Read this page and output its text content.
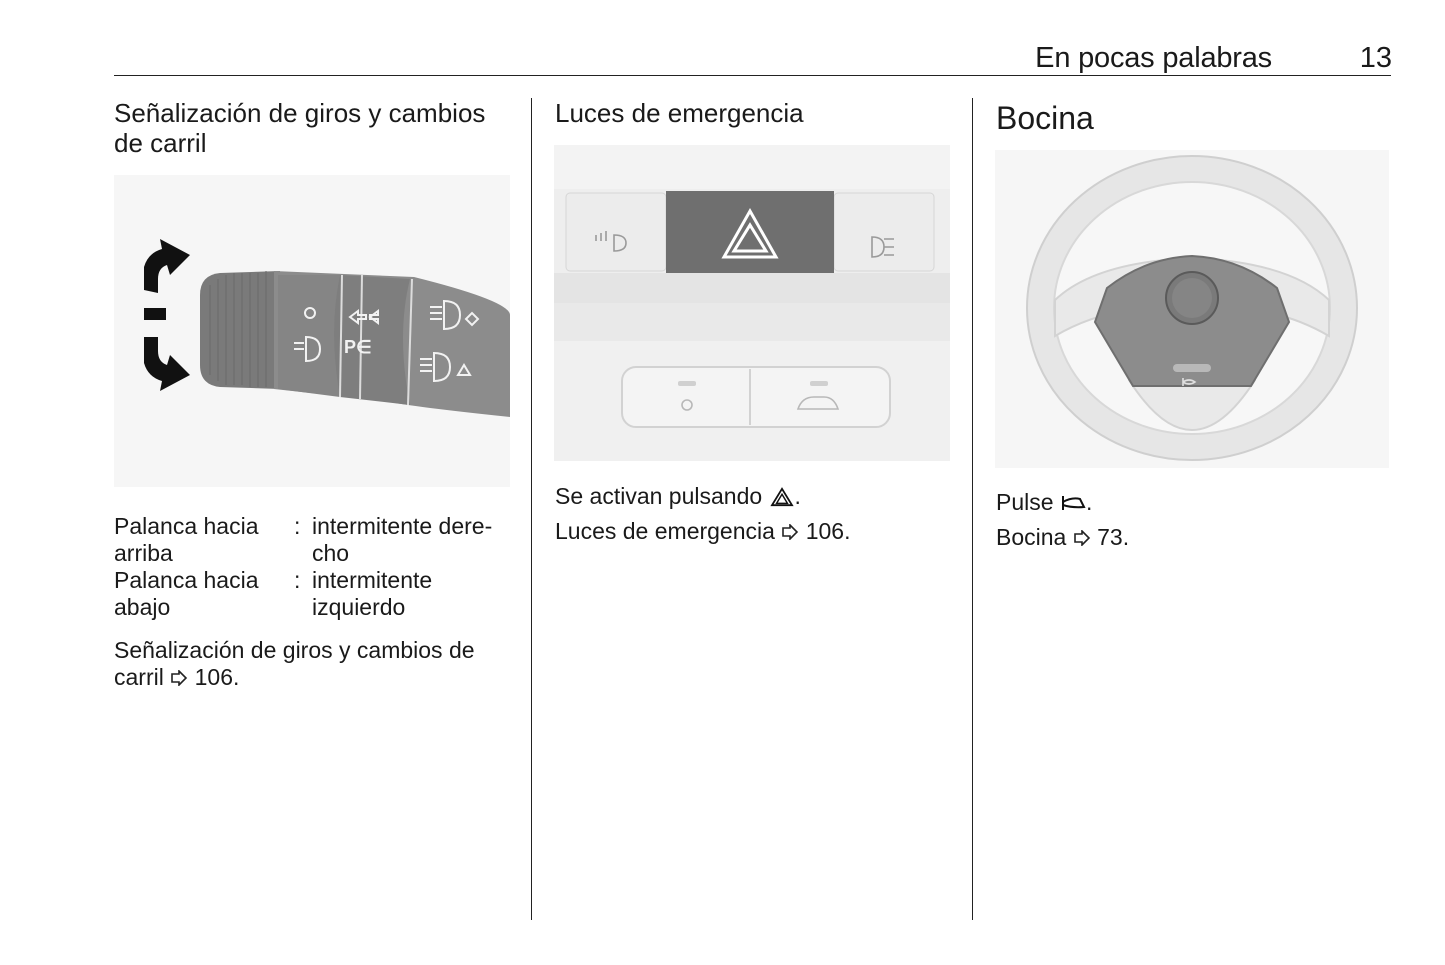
En pocas palabras	13
Señalización de giros y cambios de carril
P∈
Palanca hacia arriba
: intermitente dere-cho
Palanca hacia abajo
: intermitente izquierdo
Señalización de giros y cambios de carril 106.
Luces de emergencia
Se activan pulsando .
Luces de emergencia 106.
Bocina
Pulse .
Bocina 73.
